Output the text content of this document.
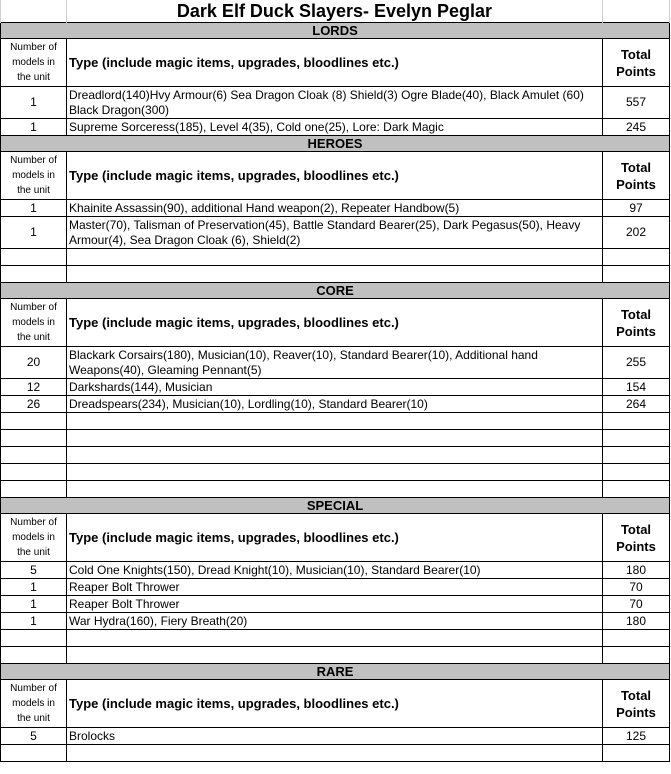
	Dark Elf Duck Slayers- Evelyn Peglar	
LORDS		
Number of
models in
the unit	Type (include magic items, upgrades, bloodlines etc.)	Total
Points
1	Dreadlord(140)Hvy Armour(6) Sea Dragon Cloak (8) Shield(3) Ogre Blade(40), Black Amulet (60) Black Dragon(300)	557
1	Supreme Sorceress(185), Level 4(35), Cold one(25), Lore: Dark Magic	245
HEROES		
Number of
models in
the unit	Type (include magic items, upgrades, bloodlines etc.)	Total
Points
1	Khainite Assassin(90), additional Hand weapon(2), Repeater Handbow(5)	97
1	Master(70), Talisman of Preservation(45), Battle Standard Bearer(25), Dark Pegasus(50), Heavy Armour(4), Sea Dragon Cloak (6), Shield(2)	202

CORE		
Number of
models in
the unit	Type (include magic items, upgrades, bloodlines etc.)	Total
Points
20	Blackark Corsairs(180), Musician(10), Reaver(10), Standard Bearer(10), Additional hand Weapons(40), Gleaming Pennant(5)	255
12	Darkshards(144), Musician	154
26	Dreadspears(234), Musician(10), Lordling(10), Standard Bearer(10)	264

SPECIAL		
Number of
models in
the unit	Type (include magic items, upgrades, bloodlines etc.)	Total
Points
5	Cold One Knights(150), Dread Knight(10), Musician(10), Standard Bearer(10)	180
1	Reaper Bolt Thrower	70
1	Reaper Bolt Thrower	70
1	War Hydra(160), Fiery Breath(20)	180

RARE		
Number of
models in
the unit	Type (include magic items, upgrades, bloodlines etc.)	Total
Points
5	Brolocks	125
